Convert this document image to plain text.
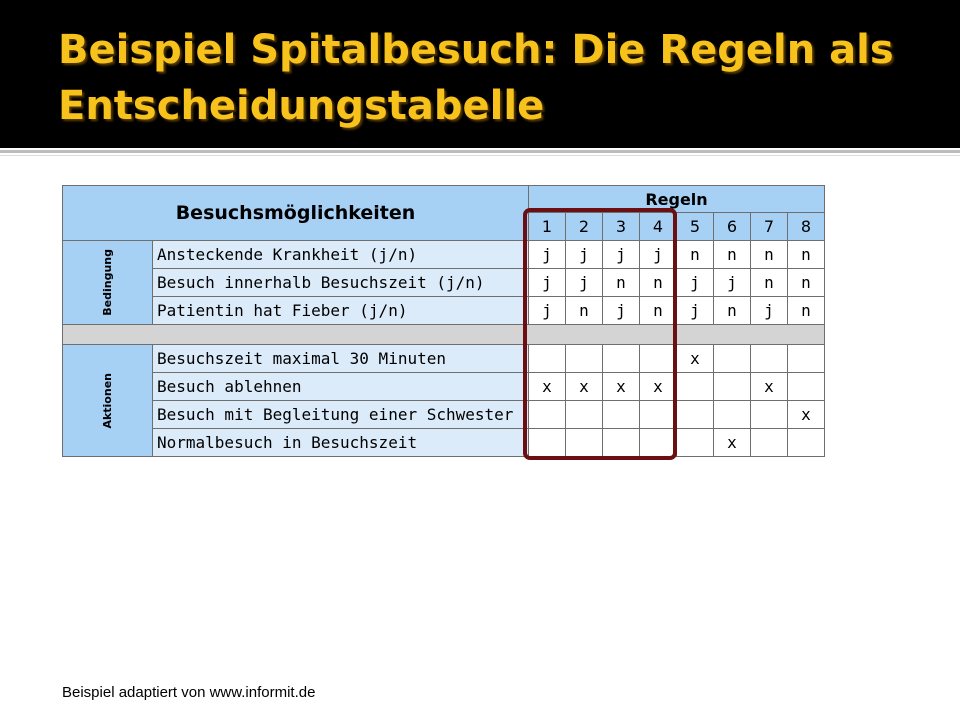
Beispiel Spitalbesuch: Die Regeln als Entscheidungstabelle
Besuchsmöglichkeiten		Regeln							
		1	2	3	4	5	6	7	8

Bedingung	Ansteckende Krankheit (j/n)	j	j	j	j	n	n	n	n
	Besuch innerhalb Besuchszeit (j/n)	j	j	n	n	j	j	n	n
	Patientin hat Fieber (j/n)	j	n	j	n	j	n	j	n

Aktionen	Besuchszeit maximal 30 Minuten					x			
	Besuch ablehnen	x	x	x	x			x	
	Besuch mit Begleitung einer Schwester								x
	Normalbesuch in Besuchszeit						x		
Beispiel adaptiert von www.informit.de
